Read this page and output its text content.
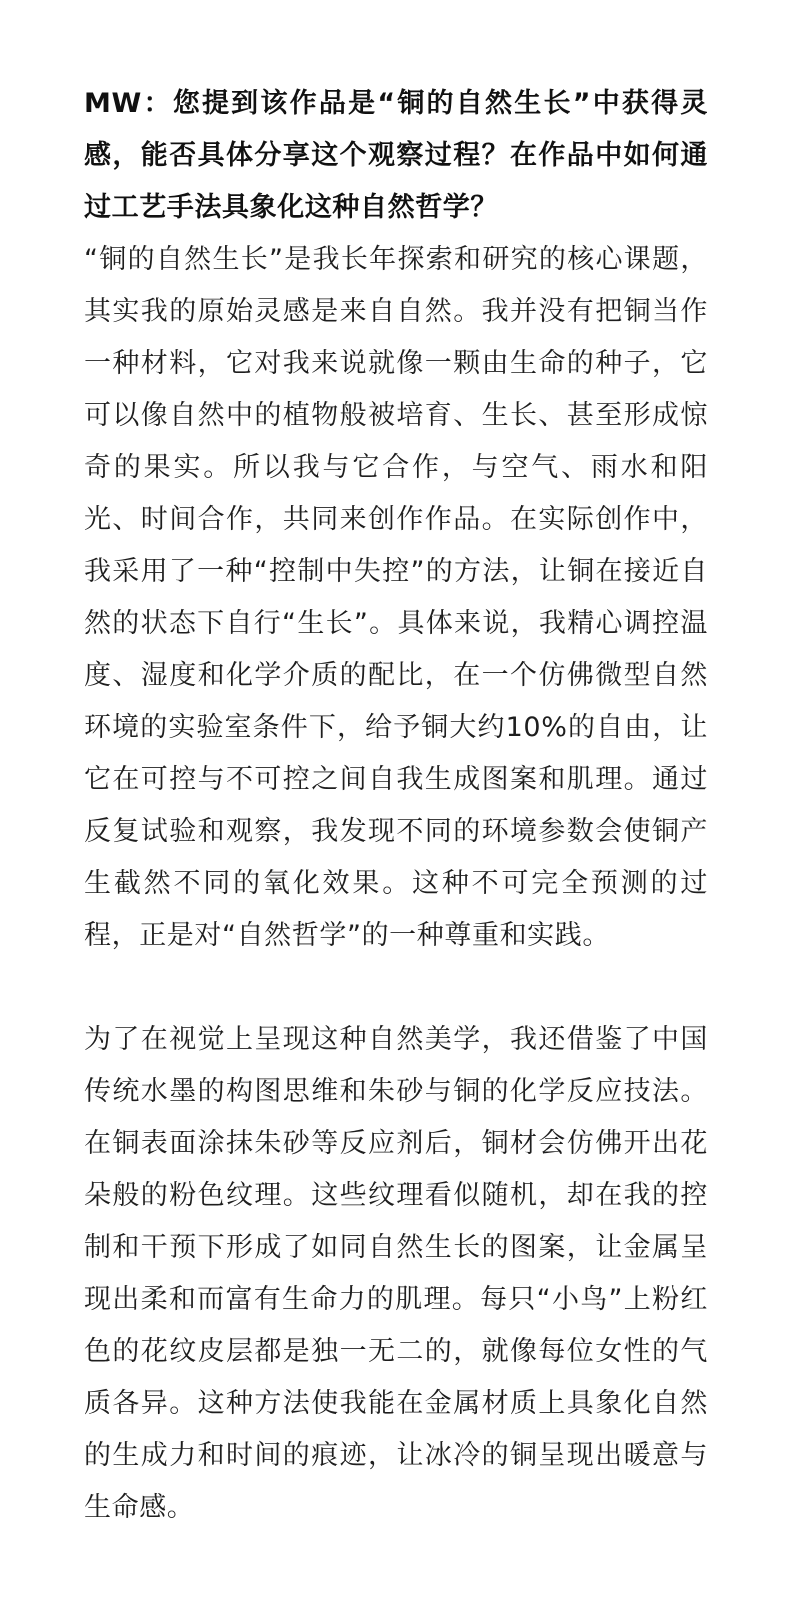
MW：您提到该作品是“铜的自然生长”中获得灵感，能否具体分享这个观察过程？在作品中如何通过工艺手法具象化这种自然哲学？

“铜的自然生长”是我长年探索和研究的核心课题，其实我的原始灵感是来自自然。我并没有把铜当作一种材料，它对我来说就像一颗由生命的种子，它可以像自然中的植物般被培育、生长、甚至形成惊奇的果实。所以我与它合作，与空气、雨水和阳光、时间合作，共同来创作作品。在实际创作中，我采用了一种“控制中失控”的方法，让铜在接近自然的状态下自行“生长”。具体来说，我精心调控温度、湿度和化学介质的配比，在一个仿佛微型自然环境的实验室条件下，给予铜大约10%的自由，让它在可控与不可控之间自我生成图案和肌理。通过反复试验和观察，我发现不同的环境参数会使铜产生截然不同的氧化效果。这种不可完全预测的过程，正是对“自然哲学”的一种尊重和实践。

为了在视觉上呈现这种自然美学，我还借鉴了中国传统水墨的构图思维和朱砂与铜的化学反应技法。在铜表面涂抹朱砂等反应剂后，铜材会仿佛开出花朵般的粉色纹理。这些纹理看似随机，却在我的控制和干预下形成了如同自然生长的图案，让金属呈现出柔和而富有生命力的肌理。每只“小鸟”上粉红色的花纹皮层都是独一无二的，就像每位女性的气质各异。这种方法使我能在金属材质上具象化自然的生成力和时间的痕迹，让冰冷的铜呈现出暖意与生命感。
